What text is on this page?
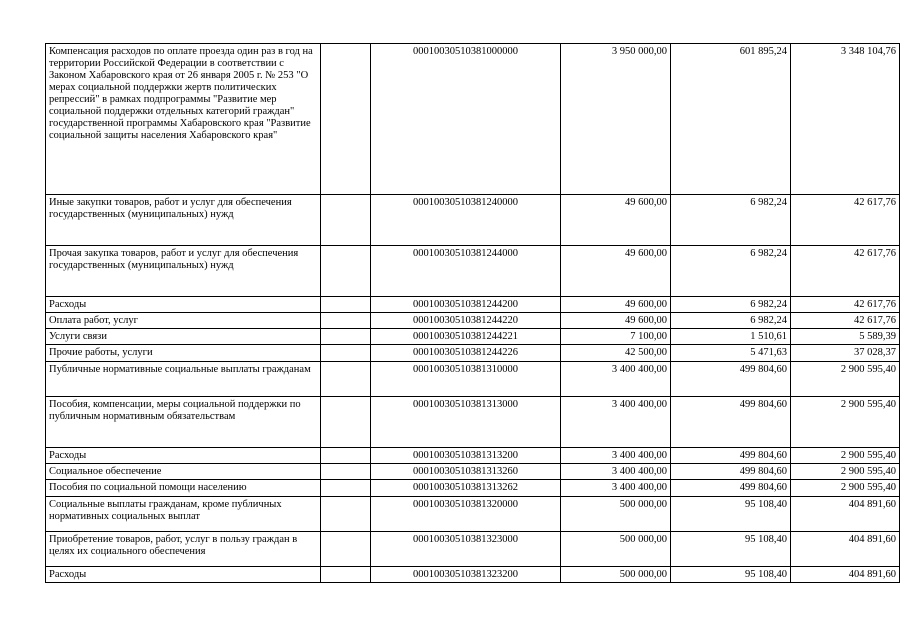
Компенсация расходов по оплате проезда один раз в год на территории Российской Федерации в соответствии с Законом Хабаровского края от 26 января 2005 г. № 253 "О мерах социальной поддержки жертв политических репрессий" в рамках подпрограммы "Развитие мер социальной поддержки отдельных категорий граждан" государственной программы Хабаровского края "Развитие социальной защиты населения Хабаровского края"		00010030510381000000	3 950 000,00	601 895,24	3 348 104,76
Иные закупки товаров, работ и услуг для обеспечения государственных (муниципальных) нужд		00010030510381240000	49 600,00	6 982,24	42 617,76
Прочая закупка товаров, работ и услуг для обеспечения государственных (муниципальных) нужд		00010030510381244000	49 600,00	6 982,24	42 617,76
Расходы		00010030510381244200	49 600,00	6 982,24	42 617,76
Оплата работ, услуг		00010030510381244220	49 600,00	6 982,24	42 617,76
Услуги связи		00010030510381244221	7 100,00	1 510,61	5 589,39
Прочие работы, услуги		00010030510381244226	42 500,00	5 471,63	37 028,37
Публичные нормативные социальные выплаты гражданам		00010030510381310000	3 400 400,00	499 804,60	2 900 595,40
Пособия, компенсации, меры социальной поддержки по публичным нормативным обязательствам		00010030510381313000	3 400 400,00	499 804,60	2 900 595,40
Расходы		00010030510381313200	3 400 400,00	499 804,60	2 900 595,40
Социальное обеспечение		00010030510381313260	3 400 400,00	499 804,60	2 900 595,40
Пособия по социальной помощи населению		00010030510381313262	3 400 400,00	499 804,60	2 900 595,40
Социальные выплаты гражданам, кроме публичных нормативных социальных выплат		00010030510381320000	500 000,00	95 108,40	404 891,60
Приобретение товаров, работ, услуг в пользу граждан в целях их социального обеспечения		00010030510381323000	500 000,00	95 108,40	404 891,60
Расходы		00010030510381323200	500 000,00	95 108,40	404 891,60
